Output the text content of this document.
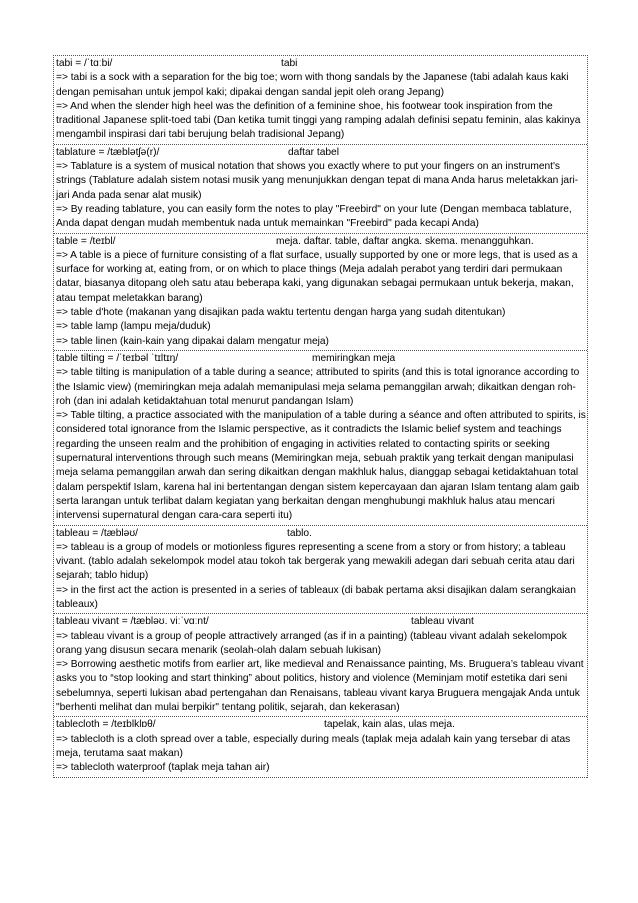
tabi = /ˈtɑːbi/	tabi
=> tabi is a sock with a separation for the big toe; worn with thong sandals by the Japanese (tabi adalah kaus kaki dengan pemisahan untuk jempol kaki; dipakai dengan sandal jepit oleh orang Jepang)
=> And when the slender high heel was the definition of a feminine shoe, his footwear took inspiration from the traditional Japanese split-toed tabi (Dan ketika tumit tinggi yang ramping adalah definisi sepatu feminin, alas kakinya mengambil inspirasi dari tabi berujung belah tradisional Jepang)
tablature = /tæblətʃə(r)/	daftar tabel
=> Tablature is a system of musical notation that shows you exactly where to put your fingers on an instrument's strings (Tablature adalah sistem notasi musik yang menunjukkan dengan tepat di mana Anda harus meletakkan jari-jari Anda pada senar alat musik)
=> By reading tablature, you can easily form the notes to play "Freebird" on your lute (Dengan membaca tablature, Anda dapat dengan mudah membentuk nada untuk memainkan "Freebird" pada kecapi Anda)
table = /teɪbl/	meja. daftar. table, daftar angka. skema. menangguhkan.
=> A table is a piece of furniture consisting of a flat surface, usually supported by one or more legs, that is used as a surface for working at, eating from, or on which to place things (Meja adalah perabot yang terdiri dari permukaan datar, biasanya ditopang oleh satu atau beberapa kaki, yang digunakan sebagai permukaan untuk bekerja, makan, atau tempat meletakkan barang)
=> table d'hote (makanan yang disajikan pada waktu tertentu dengan harga yang sudah ditentukan)
=> table lamp (lampu meja/duduk)
=> table linen (kain-kain yang dipakai dalam mengatur meja)
table tilting = /ˈteɪbəl ˈtɪltɪŋ/	memiringkan meja
=> table tilting is manipulation of a table during a seance; attributed to spirits (and this is total ignorance according to the Islamic view) (memiringkan meja adalah memanipulasi meja selama pemanggilan arwah; dikaitkan dengan roh-roh (dan ini adalah ketidaktahuan total menurut pandangan Islam)
=> Table tilting, a practice associated with the manipulation of a table during a séance and often attributed to spirits, is considered total ignorance from the Islamic perspective, as it contradicts the Islamic belief system and teachings regarding the unseen realm and the prohibition of engaging in activities related to contacting spirits or seeking supernatural interventions through such means (Memiringkan meja, sebuah praktik yang terkait dengan manipulasi meja selama pemanggilan arwah dan sering dikaitkan dengan makhluk halus, dianggap sebagai ketidaktahuan total dalam perspektif Islam, karena hal ini bertentangan dengan sistem kepercayaan dan ajaran Islam tentang alam gaib serta larangan untuk terlibat dalam kegiatan yang berkaitan dengan menghubungi makhluk halus atau mencari intervensi supernatural dengan cara-cara seperti itu)
tableau = /tæbləʊ/	tablo.
=> tableau is a group of models or motionless figures representing a scene from a story or from history; a tableau vivant. (tablo adalah sekelompok model atau tokoh tak bergerak yang mewakili adegan dari sebuah cerita atau dari sejarah; tablo hidup)
=> in the first act the action is presented in a series of tableaux (di babak pertama aksi disajikan dalam serangkaian tableaux)
tableau vivant = /tæbləʊ. viːˈvɑːnt/	tableau vivant
=> tableau vivant is a group of people attractively arranged (as if in a painting) (tableau vivant adalah sekelompok orang yang disusun secara menarik (seolah-olah dalam sebuah lukisan)
=> Borrowing aesthetic motifs from earlier art, like medieval and Renaissance painting, Ms. Bruguera’s tableau vivant asks you to “stop looking and start thinking” about politics, history and violence (Meminjam motif estetika dari seni sebelumnya, seperti lukisan abad pertengahan dan Renaisans, tableau vivant karya Bruguera mengajak Anda untuk "berhenti melihat dan mulai berpikir" tentang politik, sejarah, dan kekerasan)
tablecloth = /teɪblklɒθ/	tapelak, kain alas, ulas meja.
=> tablecloth is a cloth spread over a table, especially during meals (taplak meja adalah kain yang tersebar di atas meja, terutama saat makan)
=> tablecloth waterproof (taplak meja tahan air)
